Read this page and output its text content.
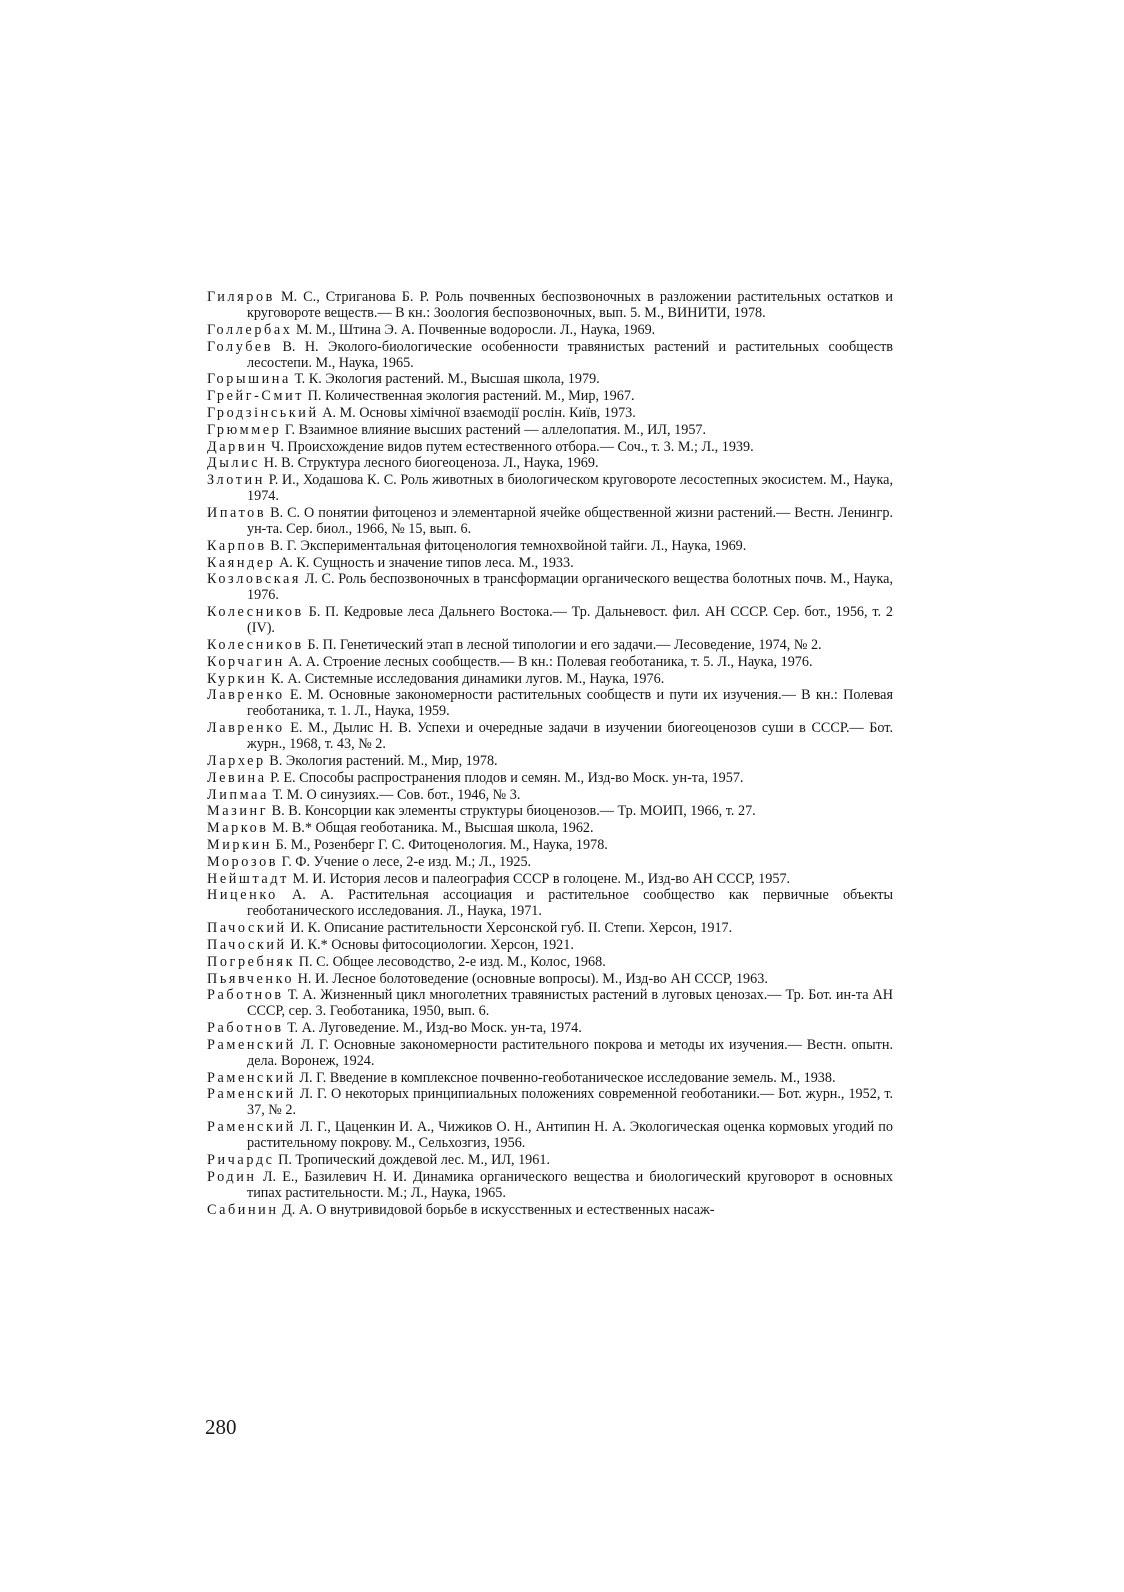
Гиляров М. С., Стриганова Б. Р. Роль почвенных беспозвоночных в разложении растительных остатков и круговороте веществ.— В кн.: Зоология беспозвоночных, вып. 5. М., ВИНИТИ, 1978.
Голлербах М. М., Штина Э. А. Почвенные водоросли. Л., Наука, 1969.
Голубев В. Н. Эколого-биологические особенности травянистых растений и растительных сообществ лесостепи. М., Наука, 1965.
Горышина Т. К. Экология растений. М., Высшая школа, 1979.
Грейг-Смит П. Количественная экология растений. М., Мир, 1967.
Гродзiнський А. М. Основы хiмiчної взаємодiї рослiн. Київ, 1973.
Грюммер Г. Взаимное влияние высших растений — аллелопатия. М., ИЛ, 1957.
Дарвин Ч. Происхождение видов путем естественного отбора.— Соч., т. 3. М.; Л., 1939.
Дылис Н. В. Структура лесного биогеоценоза. Л., Наука, 1969.
Злотин Р. И., Ходашова К. С. Роль животных в биологическом круговороте лесостепных экосистем. М., Наука, 1974.
Ипатов В. С. О понятии фитоценоз и элементарной ячейке общественной жизни растений.— Вестн. Ленингр. ун-та. Сер. биол., 1966, № 15, вып. 6.
Карпов В. Г. Экспериментальная фитоценология темнохвойной тайги. Л., Наука, 1969.
Каяндер А. К. Сущность и значение типов леса. М., 1933.
Козловская Л. С. Роль беспозвоночных в трансформации органического вещества болотных почв. М., Наука, 1976.
Колесников Б. П. Кедровые леса Дальнего Востока.— Тр. Дальневост. фил. АН СССР. Сер. бот., 1956, т. 2 (IV).
Колесников Б. П. Генетический этап в лесной типологии и его задачи.— Лесоведение, 1974, № 2.
Корчагин А. А. Строение лесных сообществ.— В кн.: Полевая геоботаника, т. 5. Л., Наука, 1976.
Куркин К. А. Системные исследования динамики лугов. М., Наука, 1976.
Лавренко Е. М. Основные закономерности растительных сообществ и пути их изучения.— В кн.: Полевая геоботаника, т. 1. Л., Наука, 1959.
Лавренко Е. М., Дылис Н. В. Успехи и очередные задачи в изучении биогеоценозов суши в СССР.— Бот. журн., 1968, т. 43, № 2.
Лархер В. Экология растений. М., Мир, 1978.
Левина Р. Е. Способы распространения плодов и семян. М., Изд-во Моск. ун-та, 1957.
Липмаа Т. М. О синузиях.— Сов. бот., 1946, № 3.
Мазинг В. В. Консорции как элементы структуры биоценозов.— Тр. МОИП, 1966, т. 27.
Марков М. В.* Общая геоботаника. М., Высшая школа, 1962.
Миркин Б. М., Розенберг Г. С. Фитоценология. М., Наука, 1978.
Морозов Г. Ф. Учение о лесе, 2-е изд. М.; Л., 1925.
Нейштадт М. И. История лесов и палеография СССР в голоцене. М., Изд-во АН СССР, 1957.
Ниценко А. А. Растительная ассоциация и растительное сообщество как первичные объекты геоботанического исследования. Л., Наука, 1971.
Пачоский И. К. Описание растительности Херсонской губ. II. Степи. Херсон, 1917.
Пачоский И. К.* Основы фитосоциологии. Херсон, 1921.
Погребняк П. С. Общее лесоводство, 2-е изд. М., Колос, 1968.
Пьявченко Н. И. Лесное болотоведение (основные вопросы). М., Изд-во АН СССР, 1963.
Работнов Т. А. Жизненный цикл многолетних травянистых растений в луговых ценозах.— Тр. Бот. ин-та АН СССР, сер. 3. Геоботаника, 1950, вып. 6.
Работнов Т. А. Луговедение. М., Изд-во Моск. ун-та, 1974.
Раменский Л. Г. Основные закономерности растительного покрова и методы их изучения.— Вестн. опытн. дела. Воронеж, 1924.
Раменский Л. Г. Введение в комплексное почвенно-геоботаническое исследование земель. М., 1938.
Раменский Л. Г. О некоторых принципиальных положениях современной геоботаники.— Бот. журн., 1952, т. 37, № 2.
Раменский Л. Г., Цаценкин И. А., Чижиков О. Н., Антипин Н. А. Экологическая оценка кормовых угодий по растительному покрову. М., Сельхозгиз, 1956.
Ричардс П. Тропический дождевой лес. М., ИЛ, 1961.
Родин Л. Е., Базилевич Н. И. Динамика органического вещества и биологический круговорот в основных типах растительности. М.; Л., Наука, 1965.
Сабинин Д. А. О внутривидовой борьбе в искусственных и естественных насаж-
280
